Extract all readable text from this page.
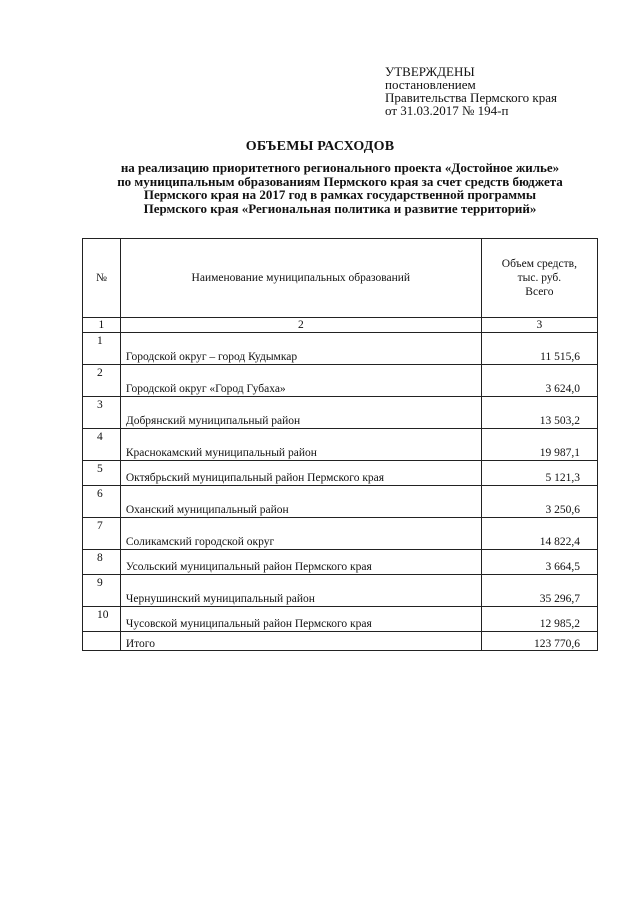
УТВЕРЖДЕНЫ
постановлением
Правительства Пермского края
от 31.03.2017 № 194-п
ОБЪЕМЫ РАСХОДОВ
на реализацию приоритетного регионального проекта «Достойное жилье»
по муниципальным образованиям Пермского края за счет средств бюджета
Пермского края на 2017 год в рамках государственной программы
Пермского края «Региональная политика и развитие территорий»
№	Наименование муниципальных образований	Объем средств,
тыс. руб.
Всего

1	2	3
1	Городской округ – город Кудымкар	11 515,6
2	Городской округ «Город Губаха»	3 624,0
3	Добрянский муниципальный район	13 503,2
4	Краснокамский муниципальный район	19 987,1
5	Октябрьский муниципальный район Пермского края	5 121,3
6	Оханский муниципальный район	3 250,6
7	Соликамский городской округ	14 822,4
8	Усольский муниципальный район Пермского края	3 664,5
9	Чернушинский муниципальный район	35 296,7
10	Чусовской муниципальный район Пермского края	12 985,2
	Итого	123 770,6
